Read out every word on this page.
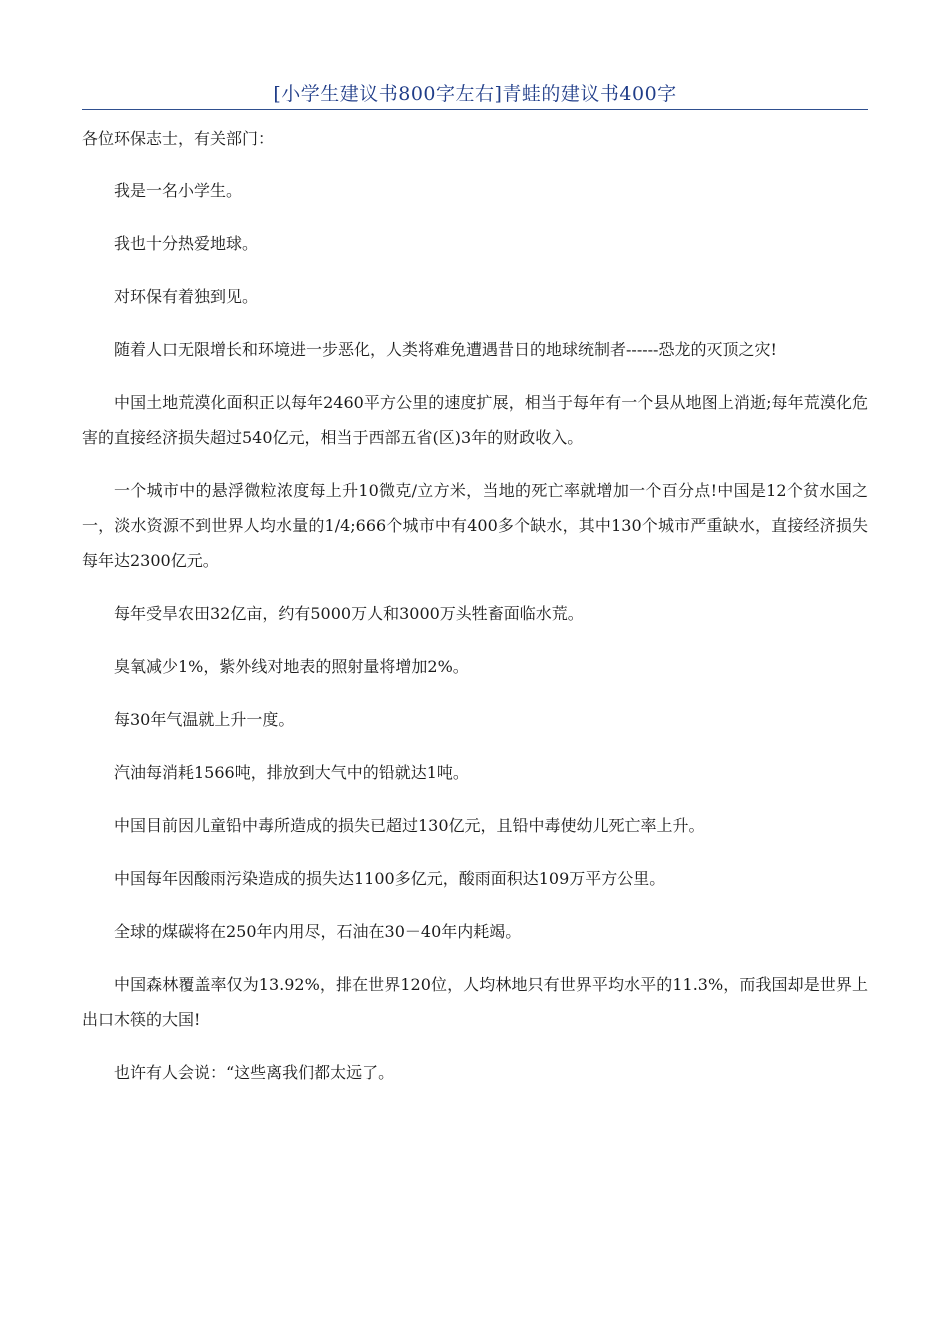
[小学生建议书800字左右]青蛙的建议书400字

各位环保志士，有关部门：

我是一名小学生。

我也十分热爱地球。

对环保有着独到见。

随着人口无限增长和环境进一步恶化，人类将难免遭遇昔日的地球统制者------恐龙的灭顶之灾!

中国土地荒漠化面积正以每年2460平方公里的速度扩展，相当于每年有一个县从地图上消逝;每年荒漠化危害的直接经济损失超过540亿元，相当于西部五省(区)3年的财政收入。

一个城市中的悬浮微粒浓度每上升10微克/立方米，当地的死亡率就增加一个百分点!中国是12个贫水国之一，淡水资源不到世界人均水量的1/4;666个城市中有400多个缺水，其中130个城市严重缺水，直接经济损失每年达2300亿元。

每年受旱农田32亿亩，约有5000万人和3000万头牲畜面临水荒。

臭氧减少1%，紫外线对地表的照射量将增加2%。

每30年气温就上升一度。

汽油每消耗1566吨，排放到大气中的铅就达1吨。

中国目前因儿童铅中毒所造成的损失已超过130亿元，且铅中毒使幼儿死亡率上升。

中国每年因酸雨污染造成的损失达1100多亿元，酸雨面积达109万平方公里。

全球的煤碳将在250年内用尽，石油在30－40年内耗竭。

中国森林覆盖率仅为13.92%，排在世界120位，人均林地只有世界平均水平的11.3%，而我国却是世界上出口木筷的大国!

也许有人会说：“这些离我们都太远了。
